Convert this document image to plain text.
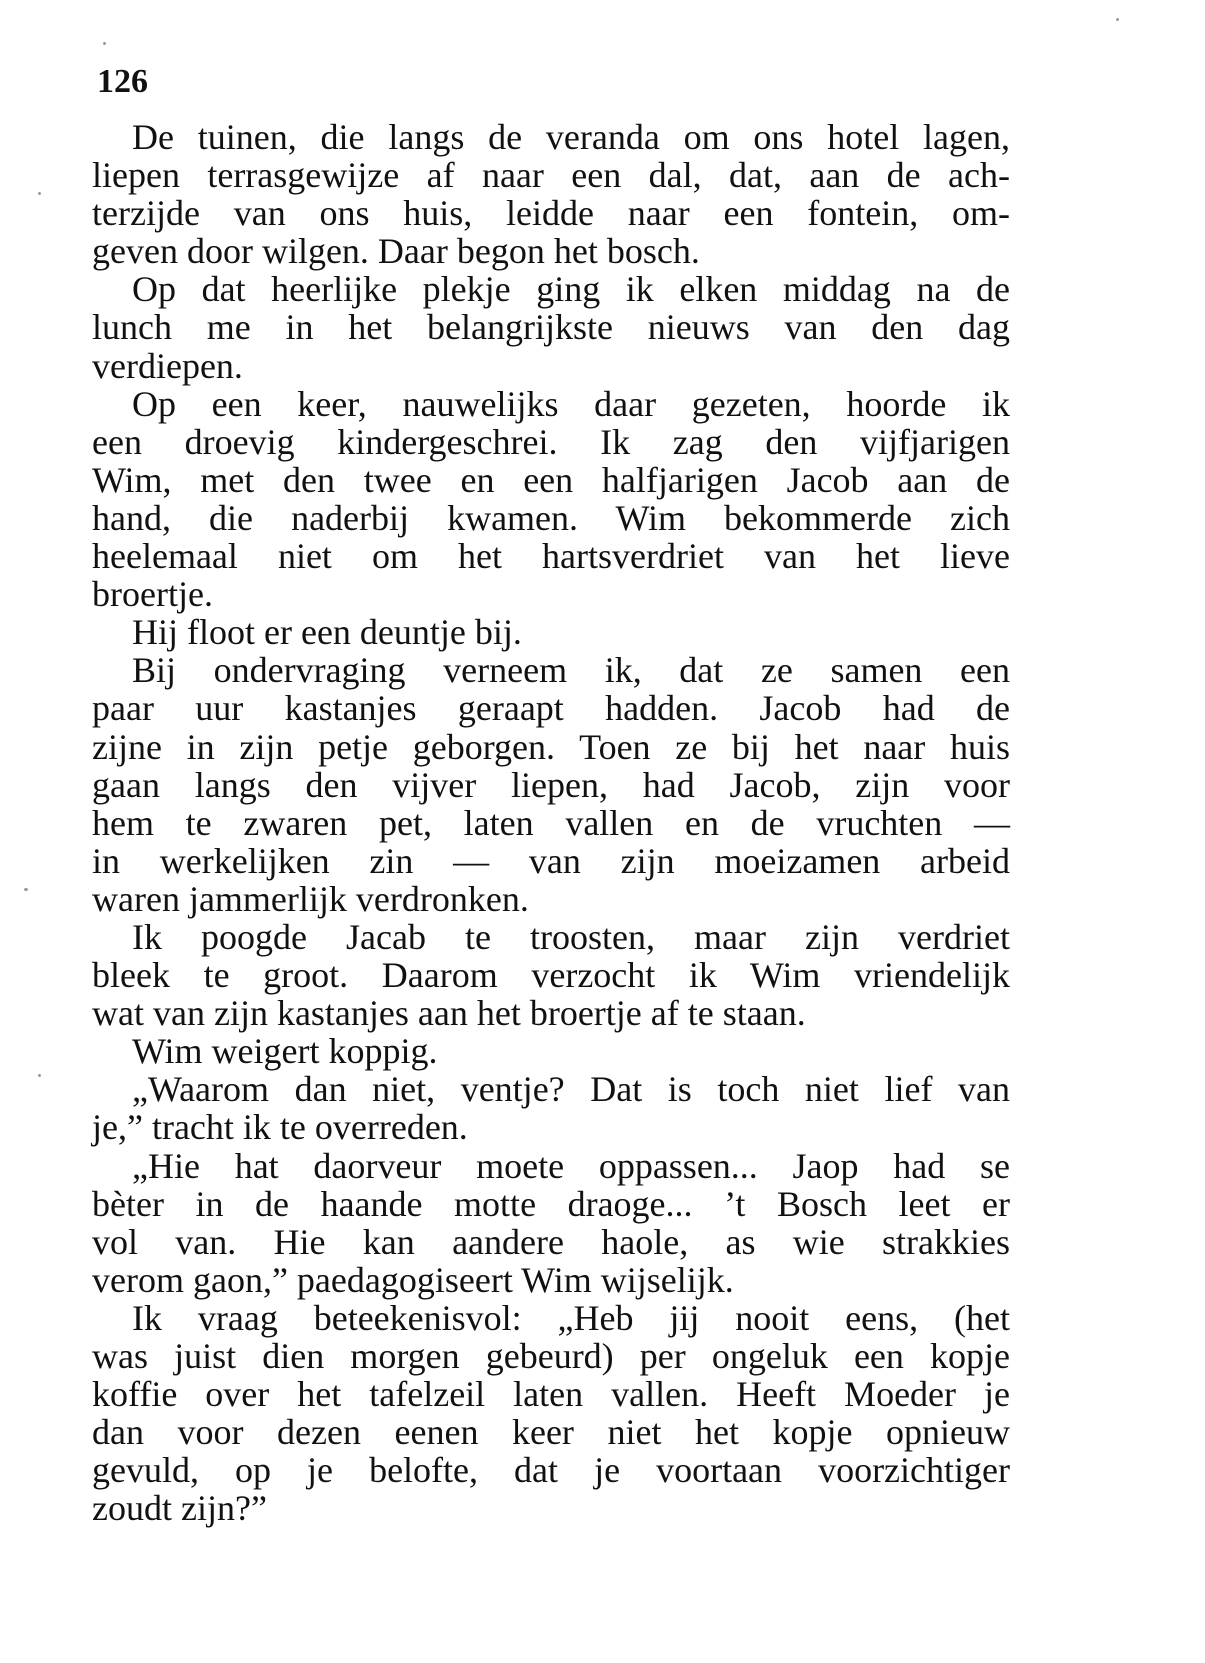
126
De tuinen, die langs de veranda om ons hotel lagen,
liepen terrasgewijze af naar een dal, dat, aan de ach-
terzijde van ons huis, leidde naar een fontein, om-
geven door wilgen. Daar begon het bosch.
Op dat heerlijke plekje ging ik elken middag na de
lunch me in het belangrijkste nieuws van den dag
verdiepen.
Op een keer, nauwelijks daar gezeten, hoorde ik
een droevig kindergeschrei. Ik zag den vijfjarigen
Wim, met den twee en een halfjarigen Jacob aan de
hand, die naderbij kwamen. Wim bekommerde zich
heelemaal niet om het hartsverdriet van het lieve
broertje.
Hij floot er een deuntje bij.
Bij ondervraging verneem ik, dat ze samen een
paar uur kastanjes geraapt hadden. Jacob had de
zijne in zijn petje geborgen. Toen ze bij het naar huis
gaan langs den vijver liepen, had Jacob, zijn voor
hem te zwaren pet, laten vallen en de vruchten —
in werkelijken zin — van zijn moeizamen arbeid
waren jammerlijk verdronken.
Ik poogde Jacab te troosten, maar zijn verdriet
bleek te groot. Daarom verzocht ik Wim vriendelijk
wat van zijn kastanjes aan het broertje af te staan.
Wim weigert koppig.
„Waarom dan niet, ventje? Dat is toch niet lief van
je,” tracht ik te overreden.
„Hie hat daorveur moete oppassen... Jaop had se
bèter in de haande motte draoge... ’t Bosch leet er
vol van. Hie kan aandere haole, as wie strakkies
verom gaon,” paedagogiseert Wim wijselijk.
Ik vraag beteekenisvol: „Heb jij nooit eens, (het
was juist dien morgen gebeurd) per ongeluk een kopje
koffie over het tafelzeil laten vallen. Heeft Moeder je
dan voor dezen eenen keer niet het kopje opnieuw
gevuld, op je belofte, dat je voortaan voorzichtiger
zoudt zijn?”
